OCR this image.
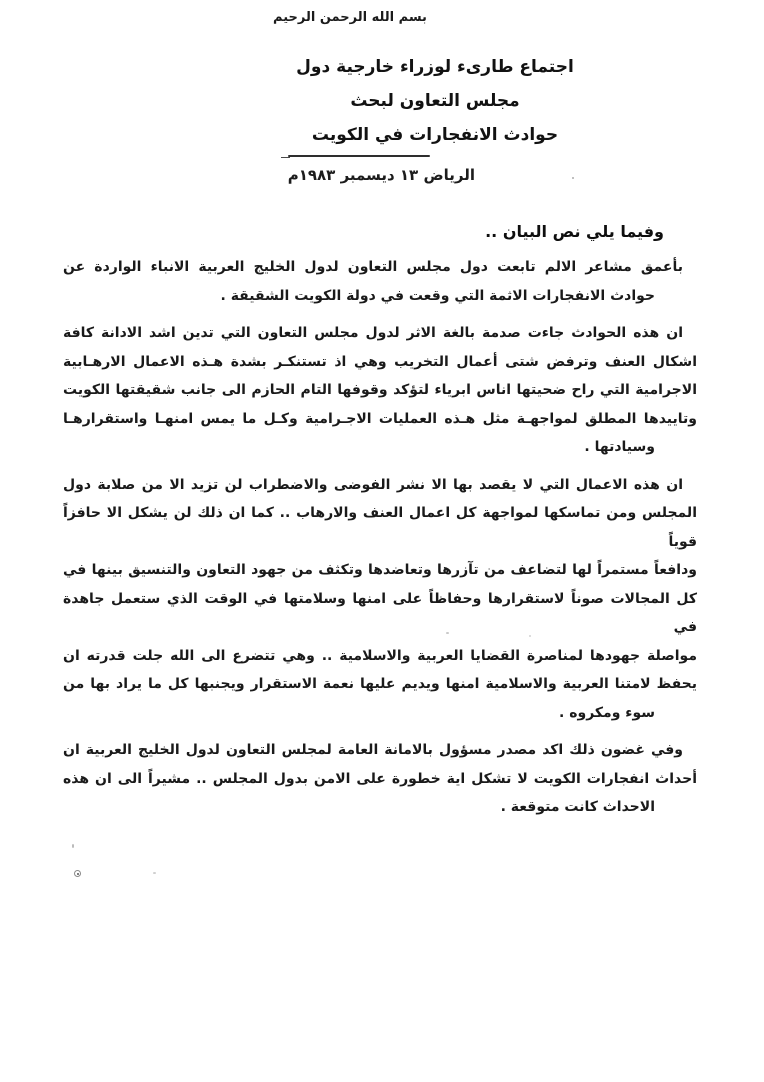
بسم الله الرحمن الرحيم
اجتماع طارىء لوزراء خارجية دول
مجلس التعاون لبحث
حوادث الانفجارات في الكويت
الرياض ١٣ ديسمبر ١٩٨٣م
وفيما يلي نص البيان ..
بأعمق مشاعر الالم تابعت دول مجلس التعاون لدول الخليج العربية الانباء الواردة عن
حوادث الانفجارات الاثمة التي وقعت في دولة الكويت الشقيقة .
ان هذه الحوادث جاءت صدمة بالغة الاثر لدول مجلس التعاون التي تدين اشد الادانة كافة
اشكال العنف وترفض شتى أعمال التخريب وهي اذ تستنكـر بشدة هـذه الاعمال الارهـابية
الاجرامية التي راح ضحيتها اناس ابرياء لتؤكد وقوفها التام الحازم الى جانب شقيقتها الكويت
وتاييدها المطلق لمواجهـة مثل هـذه العمليات الاجـرامية وكـل ما يمس امنهـا واستقرارهـا
وسيادتها .
ان هذه الاعمال التي لا يقصد بها الا نشر الفوضى والاضطراب لن تزيد الا من صلابة دول
المجلس ومن تماسكها لمواجهة كل اعمال العنف والارهاب .. كما ان ذلك لن يشكل الا حافزاً قوياً
ودافعاً مستمراً لها لتضاعف من تآزرها وتعاضدها وتكثف من جهود التعاون والتنسيق بينها في
كل المجالات صوناً لاستقرارها وحفاظاً على امنها وسلامتها في الوقت الذي ستعمل جاهدة في
مواصلة جهودها لمناصرة القضايا العربية والاسلامية .. وهي تتضرع الى الله جلت قدرته ان
يحفظ لامتنا العربية والاسلامية امنها ويديم عليها نعمة الاستقرار ويجنبها كل ما يراد بها من
سوء ومكروه .
وفي غضون ذلك اكد مصدر مسؤول بالامانة العامة لمجلس التعاون لدول الخليج العربية ان
أحداث انفجارات الكويت لا تشكل اية خطورة على الامن بدول المجلس .. مشيراً الى ان هذه
الاحداث كانت متوقعة .
